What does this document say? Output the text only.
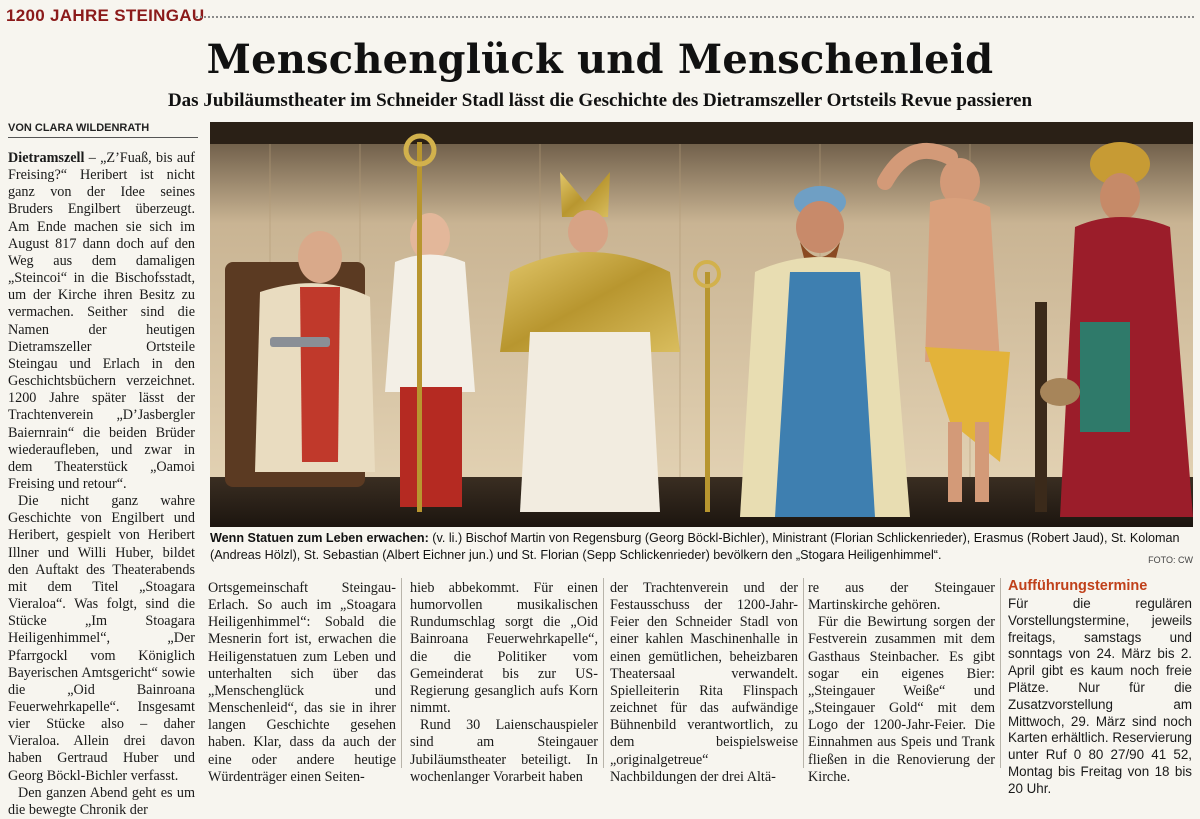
1200 JAHRE STEINGAU
Menschenglück und Menschenleid
Das Jubiläumstheater im Schneider Stadl lässt die Geschichte des Dietramszeller Ortsteils Revue passieren
VON CLARA WILDENRATH

Dietramszell – „Z’Fuaß, bis auf Freising?“ Heribert ist nicht ganz von der Idee seines Bruders Engilbert überzeugt. Am Ende machen sie sich im August 817 dann doch auf den Weg aus dem damaligen „Steincoi“ in die Bischofsstadt, um der Kirche ihren Besitz zu vermachen. Seither sind die Namen der heutigen Dietramszeller Ortsteile Steingau und Erlach in den Geschichtsbüchern verzeichnet. 1200 Jahre später lässt der Trachtenverein „D’Jasbergler Baiernrain“ die beiden Brüder wiederaufleben, und zwar in dem Theaterstück „Oamoi Freising und retour“.

Die nicht ganz wahre Geschichte von Engilbert und Heribert, gespielt von Heribert Illner und Willi Huber, bildet den Auftakt des Theaterabends mit dem Titel „Stoagara Vieraloa“. Was folgt, sind die Stücke „Im Stoagara Heiligenhimmel“, „Der Pfarrgockl vom Königlich Bayerischen Amtsgericht“ sowie die „Oid Bainroana Feuerwehrkapelle“. Insgesamt vier Stücke also – daher Vieraloa. Allein drei davon haben Gertraud Huber und Georg Böckl-Bichler verfasst.

Den ganzen Abend geht es um die bewegte Chronik der

Wenn Statuen zum Leben erwachen: (v. li.) Bischof Martin von Regensburg (Georg Böckl-Bichler), Ministrant (Florian Schlickenrieder), Erasmus (Robert Jaud), St. Koloman (Andreas Hölzl), St. Sebastian (Albert Eichner jun.) und St. Florian (Sepp Schlickenrieder) bevölkern den „Stogara Heiligenhimmel“.	FOTO: CW

Ortsgemeinschaft Steingau-Erlach. So auch im „Stoagara Heiligenhimmel“: Sobald die Mesnerin fort ist, erwachen die Heiligenstatuen zum Leben und unterhalten sich über das „Menschenglück und Menschenleid“, das sie in ihrer langen Geschichte gesehen haben. Klar, dass da auch der eine oder andere heutige Würdenträger einen Seiten-

hieb abbekommt. Für einen humorvollen musikalischen Rundumschlag sorgt die „Oid Bainroana Feuerwehrkapelle“, die die Politiker vom Gemeinderat bis zur US-Regierung gesanglich aufs Korn nimmt.

Rund 30 Laienschauspieler sind am Steingauer Jubiläumstheater beteiligt. In wochenlanger Vorarbeit haben

der Trachtenverein und der Festausschuss der 1200-Jahr-Feier den Schneider Stadl von einer kahlen Maschinenhalle in einen gemütlichen, beheizbaren Theatersaal verwandelt. Spielleiterin Rita Flinspach zeichnet für das aufwändige Bühnenbild verantwortlich, zu dem beispielsweise „originalgetreue“ Nachbildungen der drei Altä-

re aus der Steingauer Martinskirche gehören.

Für die Bewirtung sorgen der Festverein zusammen mit dem Gasthaus Steinbacher. Es gibt sogar ein eigenes Bier: „Steingauer Weiße“ und „Steingauer Gold“ mit dem Logo der 1200-Jahr-Feier. Die Einnahmen aus Speis und Trank fließen in die Renovierung der Kirche.

Aufführungstermine

Für die regulären Vorstellungstermine, jeweils freitags, samstags und sonntags von 24. März bis 2. April gibt es kaum noch freie Plätze. Nur für die Zusatzvorstellung am Mittwoch, 29. März sind noch Karten erhältlich. Reservierung unter Ruf 0 80 27/90 41 52, Montag bis Freitag von 18 bis 20 Uhr.
